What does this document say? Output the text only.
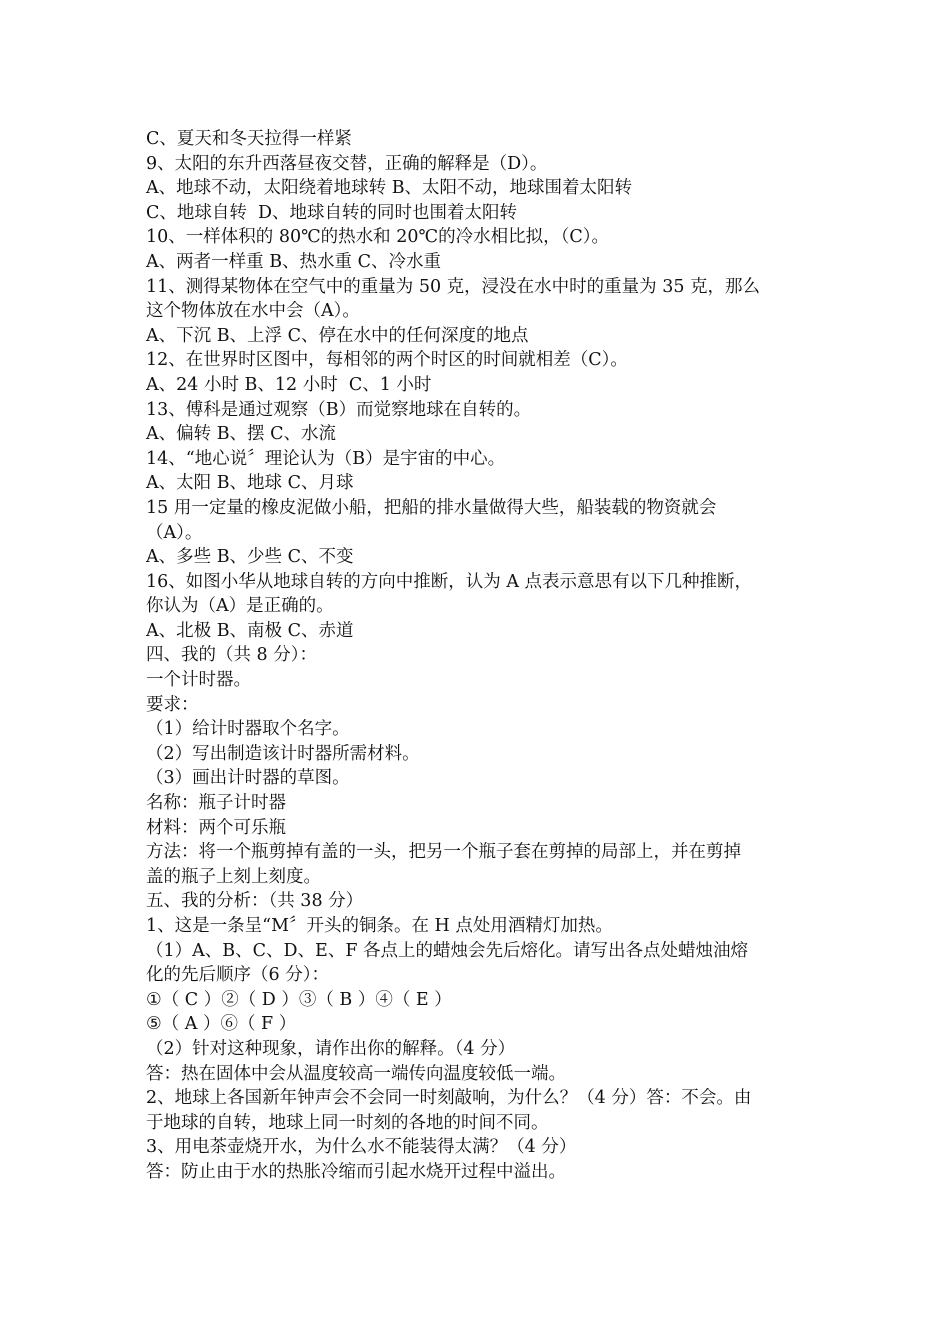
C、夏天和冬天拉得一样紧

9、太阳的东升西落昼夜交替，正确的解释是（D）。

A、地球不动，太阳绕着地球转 B、太阳不动，地球围着太阳转

C、地球自转  D、地球自转的同时也围着太阳转

10、一样体积的 80℃的热水和 20℃的冷水相比拟，（C）。

A、两者一样重 B、热水重 C、冷水重

11、测得某物体在空气中的重量为 50 克，浸没在水中时的重量为 35 克，那么

这个物体放在水中会（A）。

A、下沉 B、上浮 C、停在水中的任何深度的地点

12、在世界时区图中，每相邻的两个时区的时间就相差（C）。

A、24 小时 B、12 小时  C、1 小时

13、傅科是通过观察（B）而觉察地球在自转的。

A、偏转 B、摆 C、水流

14、“地心说〞理论认为（B）是宇宙的中心。

A、太阳 B、地球 C、月球

15 用一定量的橡皮泥做小船，把船的排水量做得大些，船装载的物资就会

（A）。

A、多些 B、少些 C、不变

16、如图小华从地球自转的方向中推断，认为 A 点表示意思有以下几种推断，

你认为（A）是正确的。

A、北极 B、南极 C、赤道

四、我的（共 8 分）：

一个计时器。

要求：

（1）给计时器取个名字。

（2）写出制造该计时器所需材料。

（3）画出计时器的草图。

名称：瓶子计时器

材料：两个可乐瓶

方法：将一个瓶剪掉有盖的一头，把另一个瓶子套在剪掉的局部上，并在剪掉

盖的瓶子上刻上刻度。

五、我的分析：（共 38 分）

1、这是一条呈“M〞开头的铜条。在 H 点处用酒精灯加热。

（1）A、B、C、D、E、F 各点上的蜡烛会先后熔化。请写出各点处蜡烛油熔

化的先后顺序（6 分）：

①（ C ）②（ D ）③（ B ）④（ E ）

⑤（ A ）⑥（ F ）

（2）针对这种现象，请作出你的解释。（4 分）

答：热在固体中会从温度较高一端传向温度较低一端。

2、地球上各国新年钟声会不会同一时刻敲响，为什么？（4 分）答：不会。由

于地球的自转，地球上同一时刻的各地的时间不同。

3、用电茶壶烧开水，为什么水不能装得太满？（4 分）

答：防止由于水的热胀冷缩而引起水烧开过程中溢出。
